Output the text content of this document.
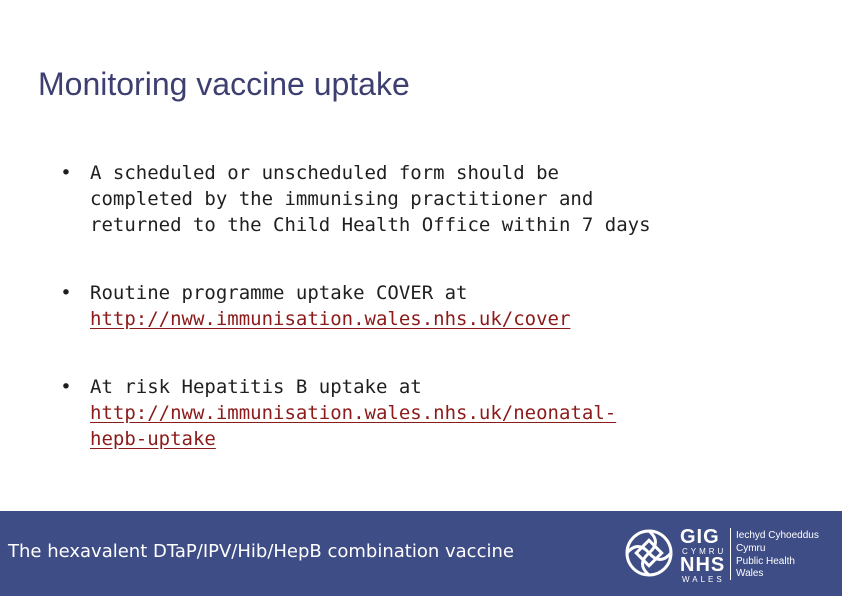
Monitoring vaccine uptake
• A scheduled or unscheduled form should be
completed by the immunising practitioner and
returned to the Child Health Office within 7 days
• Routine programme uptake COVER at
http://nww.immunisation.wales.nhs.uk/cover
• At risk Hepatitis B uptake at
http://nww.immunisation.wales.nhs.uk/neonatal-
hepb-uptake
The hexavalent DTaP/IPV/Hib/HepB combination vaccine
GIG
CYMRU
NHS
WALES
Iechyd Cyhoeddus
Cymru
Public Health
Wales
